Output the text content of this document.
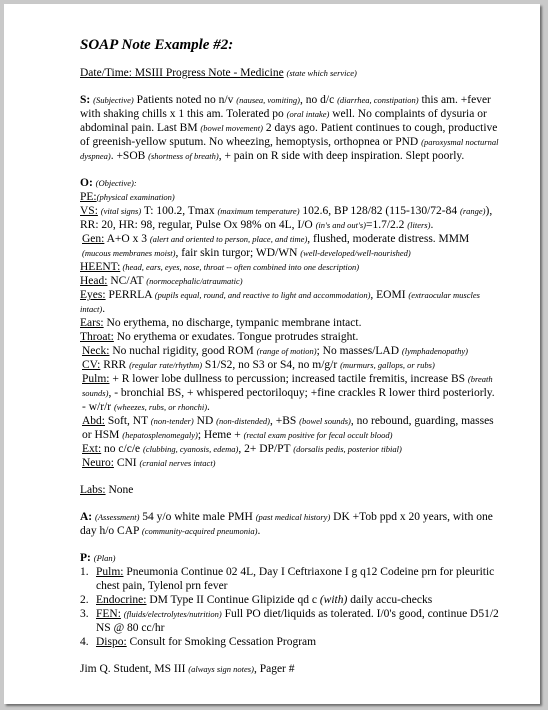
SOAP Note Example #2:
Date/Time: MSIII Progress Note - Medicine (state which service)
S: (Subjective) Patients noted no n/v (nausea, vomiting), no d/c (diarrhea, constipation) this am. +fever with shaking chills x 1 this am. Tolerated po (oral intake) well. No complaints of dysuria or abdominal pain. Last BM (bowel movement) 2 days ago. Patient continues to cough, productive of greenish-yellow sputum. No wheezing, hemoptysis, orthopnea or PND (paroxysmal nocturnal dyspnea). +SOB (shortness of breath), + pain on R side with deep inspiration. Slept poorly.
O: (Objective):
PE:(physical examination)
VS: (vital signs) T: 100.2, Tmax (maximum temperature) 102.6, BP 128/82 (115-130/72-84 (range)), RR: 20, HR: 98, regular, Pulse Ox 98% on 4L, I/O (in's and out's)=1.7/2.2 (liters).
Gen: A+O x 3 (alert and oriented to person, place, and time), flushed, moderate distress. MMM (mucous membranes moist), fair skin turgor; WD/WN (well-developed/well-nourished)
HEENT: (head, ears, eyes, nose, throat -- often combined into one description)
Head: NC/AT (normocephalic/atraumatic)
Eyes: PERRLA (pupils equal, round, and reactive to light and accommodation), EOMI (extraocular muscles intact).
Ears: No erythema, no discharge, tympanic membrane intact.
Throat: No erythema or exudates. Tongue protrudes straight.
Neck: No nuchal rigidity, good ROM (range of motion); No masses/LAD (lymphadenopathy)
CV: RRR (regular rate/rhythm) S1/S2, no S3 or S4, no m/g/r (murmurs, gallops, or rubs)
Pulm: + R lower lobe dullness to percussion; increased tactile fremitis, increase BS (breath sounds), - bronchial BS, + whispered pectoriloquy; +fine crackles R lower third posteriorly. - w/r/r (wheezes, rubs, or rhonchi).
Abd: Soft, NT (non-tender) ND (non-distended), +BS (bowel sounds), no rebound, guarding, masses or HSM (hepatosplenomegaly); Heme + (rectal exam positive for fecal occult blood)
Ext: no c/c/e (clubbing, cyanosis, edema), 2+ DP/PT (dorsalis pedis, posterior tibial)
Neuro: CNI (cranial nerves intact)
Labs: None
A: (Assessment) 54 y/o white male PMH (past medical history) DK +Tob ppd x 20 years, with one day h/o CAP (community-acquired pneumonia).
P: (Plan)
1. Pulm: Pneumonia Continue 02 4L, Day I Ceftriaxone I g q12 Codeine prn for pleuritic chest pain, Tylenol prn fever
2. Endocrine: DM Type II Continue Glipizide qd c (with) daily accu-checks
3. FEN: (fluids/electrolytes/nutrition) Full PO diet/liquids as tolerated. I/0's good, continue D51/2 NS @ 80 cc/hr
4. Dispo: Consult for Smoking Cessation Program
Jim Q. Student, MS III (always sign notes), Pager #
